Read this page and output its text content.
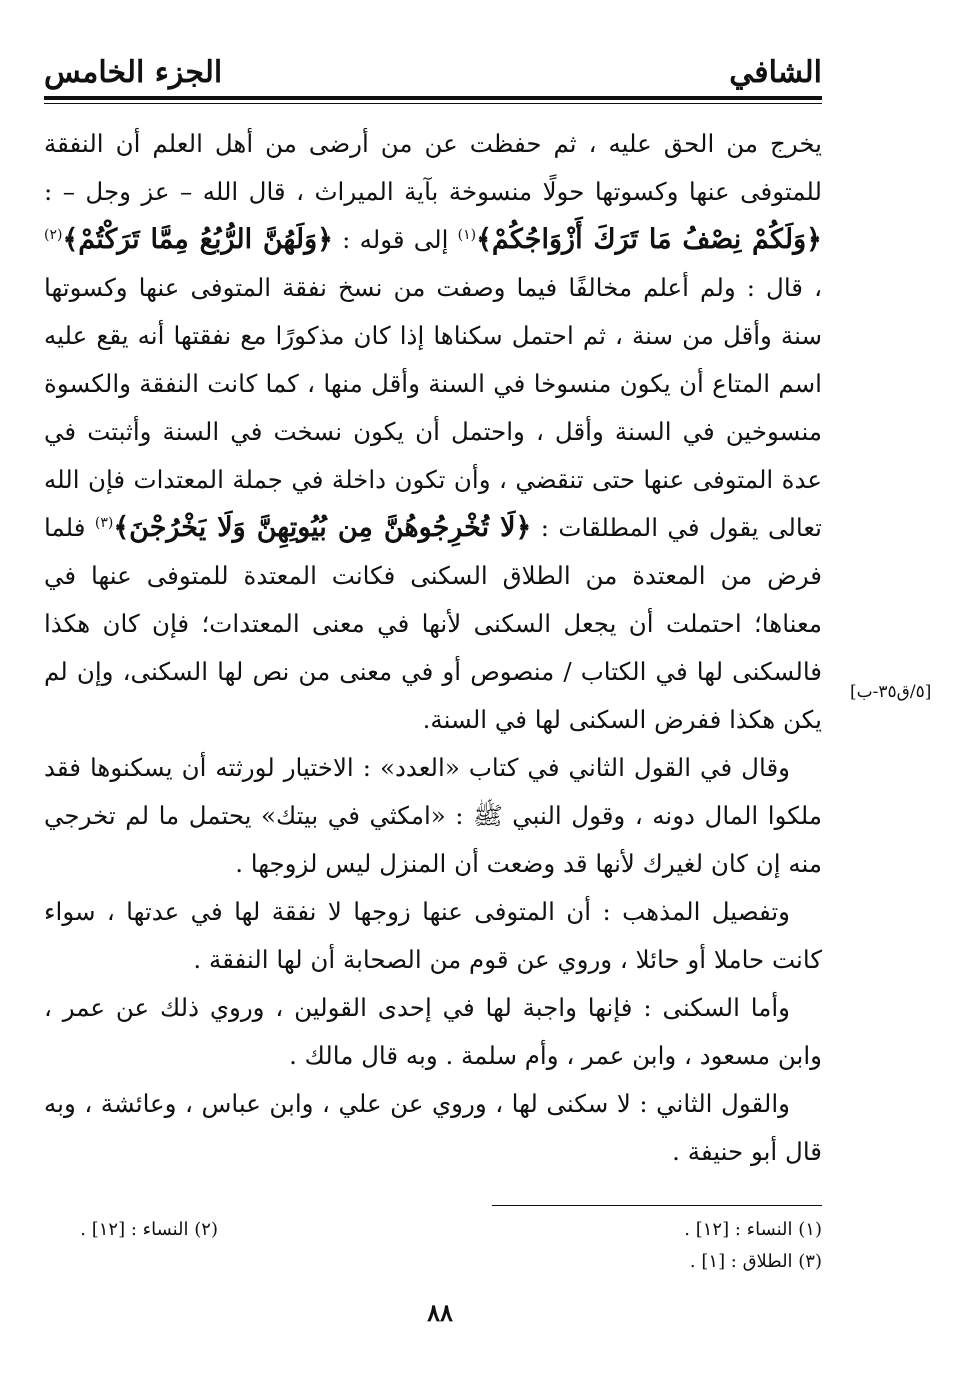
الشافي
الجزء الخامس

يخرج من الحق عليه ، ثم حفظت عن من أرضى من أهل العلم أن النفقة للمتوفى عنها وكسوتها حولًا منسوخة بآية الميراث ، قال الله – عز وجل – : ﴿وَلَكُمْ نِصْفُ مَا تَرَكَ أَزْوَاجُكُمْ﴾$^{(١)}$ إلى قوله : ﴿وَلَهُنَّ الرُّبُعُ مِمَّا تَرَكْتُمْ﴾$^{(٢)}$ ، قال : ولم أعلم مخالفًا فيما وصفت من نسخ نفقة المتوفى عنها وكسوتها سنة وأقل من سنة ، ثم احتمل سكناها إذا كان مذكورًا مع نفقتها أنه يقع عليه اسم المتاع أن يكون منسوخا في السنة وأقل منها ، كما كانت النفقة والكسوة منسوخين في السنة وأقل ، واحتمل أن يكون نسخت في السنة وأثبتت في عدة المتوفى عنها حتى تنقضي ، وأن تكون داخلة في جملة المعتدات فإن الله تعالى يقول في المطلقات : ﴿لَا تُخْرِجُوهُنَّ مِن بُيُوتِهِنَّ وَلَا يَخْرُجْنَ﴾$^{(٣)}$ فلما فرض من المعتدة من الطلاق السكنى فكانت المعتدة للمتوفى عنها في معناها؛ احتملت أن يجعل السكنى لأنها في معنى المعتدات؛ فإن كان هكذا فالسكنى لها في الكتاب / منصوص أو في معنى من نص لها السكنى، وإن لم يكن هكذا ففرض السكنى لها في السنة.

وقال في القول الثاني في كتاب «العدد» : الاختيار لورثته أن يسكنوها فقد ملكوا المال دونه ، وقول النبي ﷺ : «امكثي في بيتك» يحتمل ما لم تخرجي منه إن كان لغيرك لأنها قد وضعت أن المنزل ليس لزوجها .

وتفصيل المذهب : أن المتوفى عنها زوجها لا نفقة لها في عدتها ، سواء كانت حاملا أو حائلا ، وروي عن قوم من الصحابة أن لها النفقة .

وأما السكنى : فإنها واجبة لها في إحدى القولين ، وروي ذلك عن عمر ، وابن مسعود ، وابن عمر ، وأم سلمة . وبه قال مالك .

والقول الثاني : لا سكنى لها ، وروي عن علي ، وابن عباس ، وعائشة ، وبه قال أبو حنيفة .

[٥/ق٣٥-ب]
(١) النساء : [١٢] .
(٢) النساء : [١٢] .
(٣) الطلاق : [١] .
٨٨
